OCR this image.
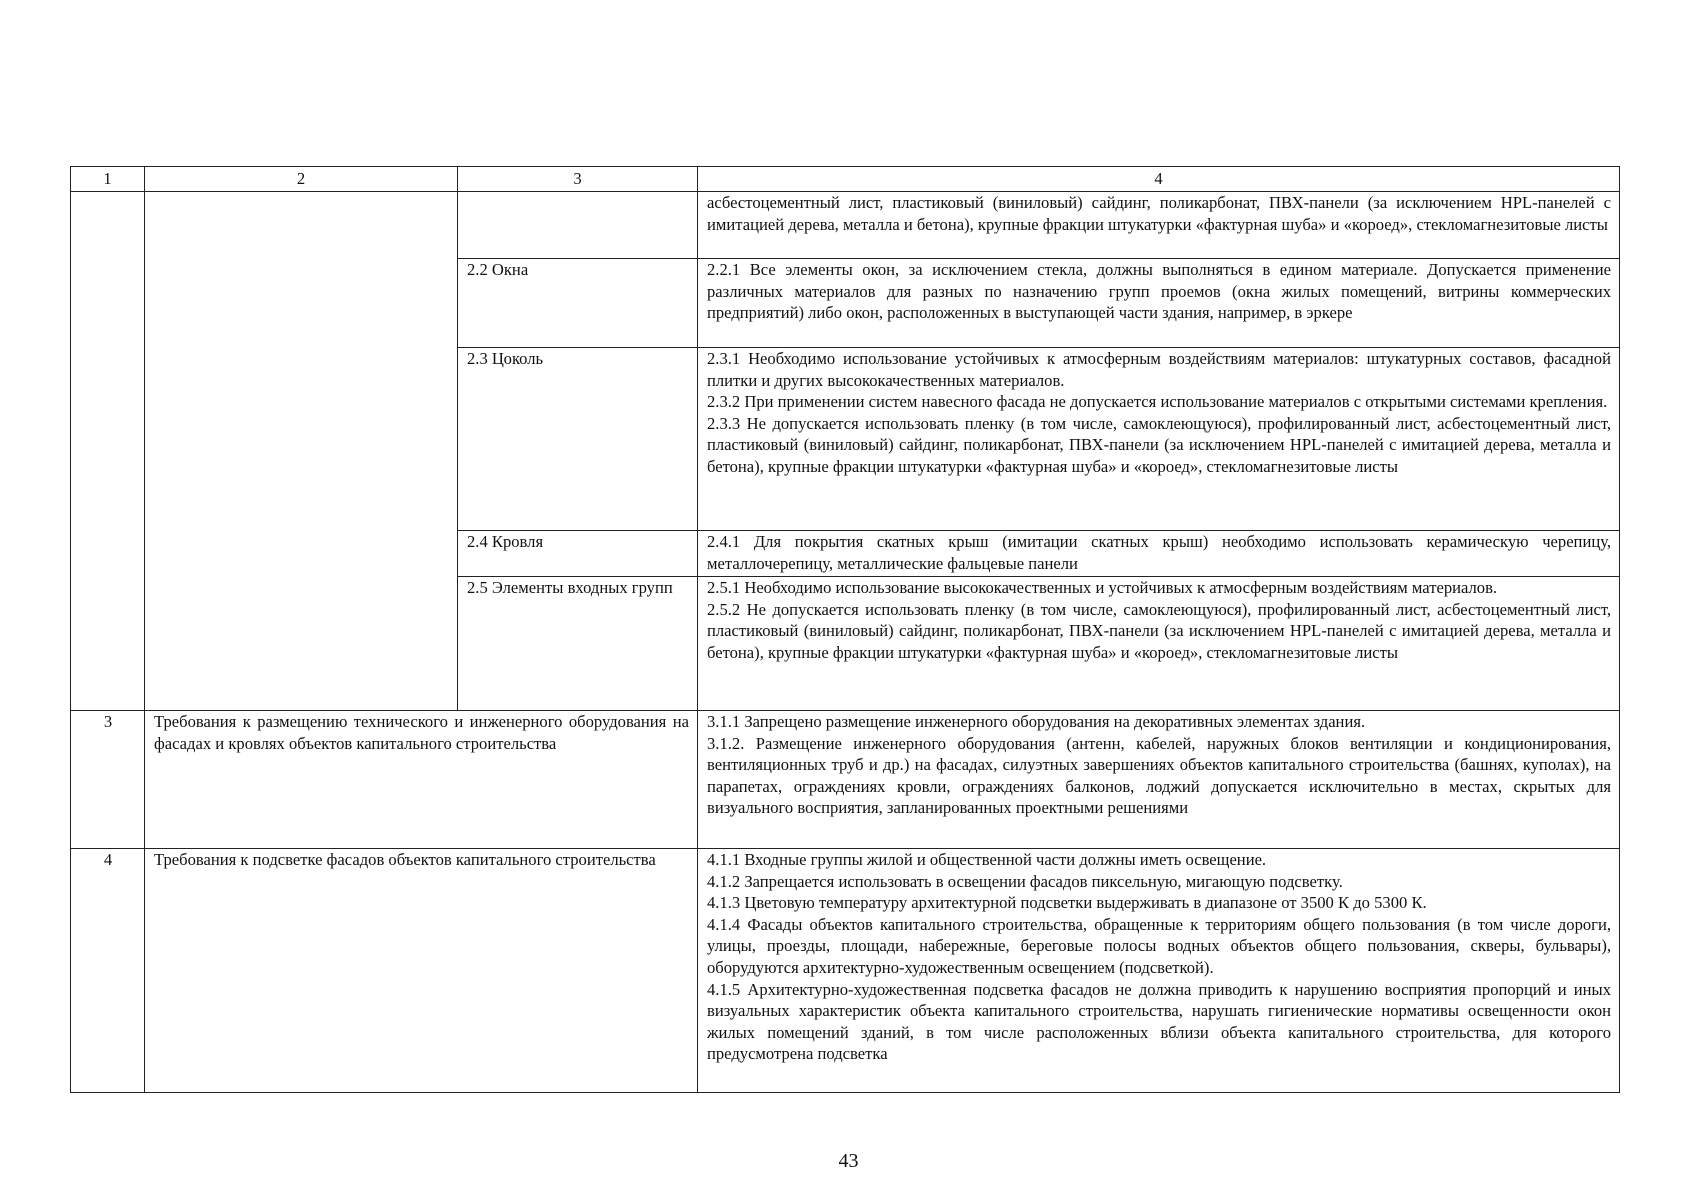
1	2	3	4

			асбестоцементный лист, пластиковый (виниловый) сайдинг, поликарбонат, ПВХ-панели (за исключением HPL-панелей с имитацией дерева, металла и бетона), крупные фракции штукатурки «фактурная шуба» и «короед», стекломагнезитовые листы

		2.2 Окна	2.2.1 Все элементы окон, за исключением стекла, должны выполняться в едином материале. Допускается применение различных материалов для разных по назначению групп проемов (окна жилых помещений, витрины коммерческих предприятий) либо окон, расположенных в выступающей части здания, например, в эркере

		2.3 Цоколь	2.3.1 Необходимо использование устойчивых к атмосферным воздействиям материалов: штукатурных составов, фасадной плитки и других высококачественных материалов.

2.3.2 При применении систем навесного фасада не допускается использование материалов с открытыми системами крепления.

2.3.3 Не допускается использовать пленку (в том числе, самоклеющуюся), профилированный лист, асбестоцементный лист, пластиковый (виниловый) сайдинг, поликарбонат, ПВХ-панели (за исключением HPL-панелей с имитацией дерева, металла и бетона), крупные фракции штукатурки «фактурная шуба» и «короед», стекломагнезитовые листы

		2.4 Кровля	2.4.1 Для покрытия скатных крыш (имитации скатных крыш) необходимо использовать керамическую черепицу, металлочерепицу, металлические фальцевые панели

		2.5 Элементы входных групп	2.5.1 Необходимо использование высококачественных и устойчивых к атмосферным воздействиям материалов.

2.5.2 Не допускается использовать пленку (в том числе, самоклеющуюся), профилированный лист, асбестоцементный лист, пластиковый (виниловый) сайдинг, поликарбонат, ПВХ-панели (за исключением HPL-панелей с имитацией дерева, металла и бетона), крупные фракции штукатурки «фактурная шуба» и «короед», стекломагнезитовые листы

3	Требования к размещению технического и инженерного оборудования на фасадах и кровлях объектов капитального строительства		3.1.1 Запрещено размещение инженерного оборудования на декоративных элементах здания.

3.1.2. Размещение инженерного оборудования (антенн, кабелей, наружных блоков вентиляции и кондиционирования, вентиляционных труб и др.) на фасадах, силуэтных завершениях объектов капитального строительства (башнях, куполах), на парапетах, ограждениях кровли, ограждениях балконов, лоджий допускается исключительно в местах, скрытых для визуального восприятия, запланированных проектными решениями

4	Требования к подсветке фасадов объектов капитального строительства		4.1.1 Входные группы жилой и общественной части должны иметь освещение.

4.1.2 Запрещается использовать в освещении фасадов пиксельную, мигающую подсветку.

4.1.3 Цветовую температуру архитектурной подсветки выдерживать в диапазоне от 3500 К до 5300 К.

4.1.4 Фасады объектов капитального строительства, обращенные к территориям общего пользования (в том числе дороги, улицы, проезды, площади, набережные, береговые полосы водных объектов общего пользования, скверы, бульвары), оборудуются архитектурно-художественным освещением (подсветкой).

4.1.5 Архитектурно-художественная подсветка фасадов не должна приводить к нарушению восприятия пропорций и иных визуальных характеристик объекта капитального строительства, нарушать гигиенические нормативы освещенности окон жилых помещений зданий, в том числе расположенных вблизи объекта капитального строительства, для которого предусмотрена подсветка

43
